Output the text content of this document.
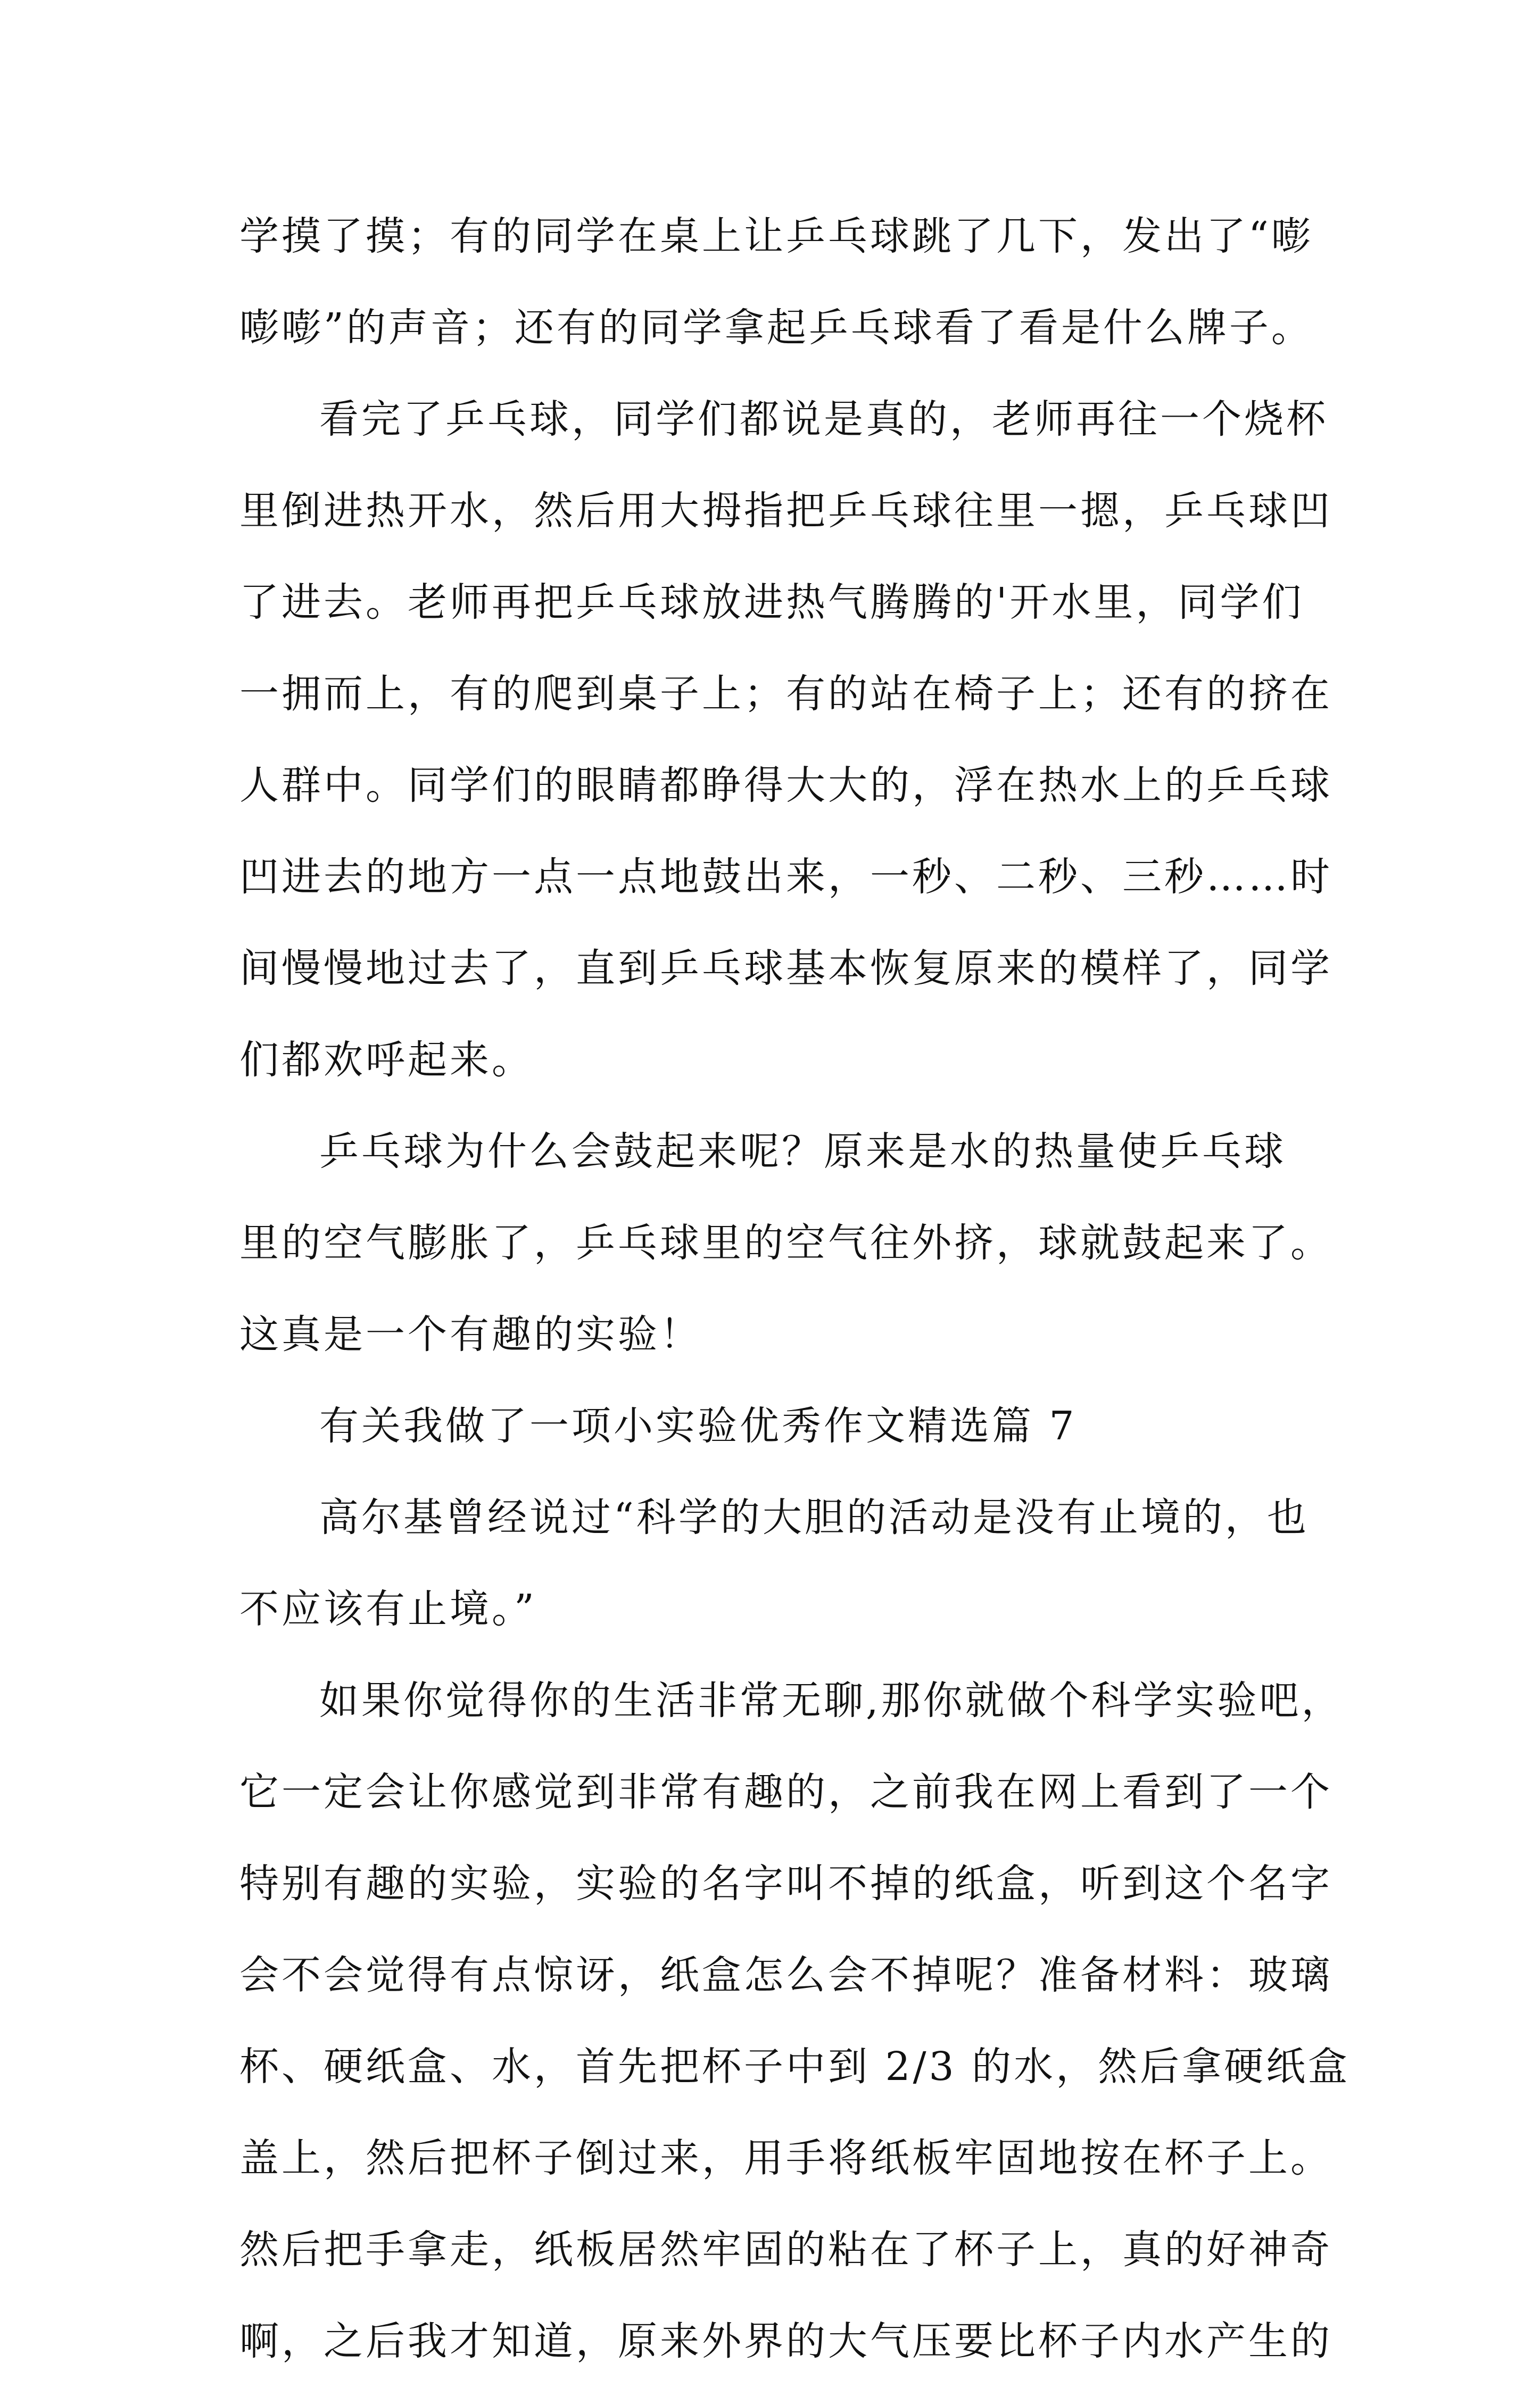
学摸了摸；有的同学在桌上让乒乓球跳了几下，发出了“嘭
嘭嘭”的声音；还有的同学拿起乒乓球看了看是什么牌子。
看完了乒乓球，同学们都说是真的，老师再往一个烧杯
里倒进热开水，然后用大拇指把乒乓球往里一摁，乒乓球凹
了进去。老师再把乒乓球放进热气腾腾的'开水里，同学们
一拥而上，有的爬到桌子上；有的站在椅子上；还有的挤在
人群中。同学们的眼睛都睁得大大的，浮在热水上的乒乓球
凹进去的地方一点一点地鼓出来，一秒、二秒、三秒……时
间慢慢地过去了，直到乒乓球基本恢复原来的模样了，同学
们都欢呼起来。
乒乓球为什么会鼓起来呢？原来是水的热量使乒乓球
里的空气膨胀了，乒乓球里的空气往外挤，球就鼓起来了。
这真是一个有趣的实验！
有关我做了一项小实验优秀作文精选篇 7
高尔基曾经说过“科学的大胆的活动是没有止境的，也
不应该有止境。”
如果你觉得你的生活非常无聊,那你就做个科学实验吧，
它一定会让你感觉到非常有趣的，之前我在网上看到了一个
特别有趣的实验，实验的名字叫不掉的纸盒，听到这个名字
会不会觉得有点惊讶，纸盒怎么会不掉呢？准备材料：玻璃
杯、硬纸盒、水，首先把杯子中到 2/3 的水，然后拿硬纸盒
盖上，然后把杯子倒过来，用手将纸板牢固地按在杯子上。
然后把手拿走，纸板居然牢固的粘在了杯子上，真的好神奇
啊，之后我才知道，原来外界的大气压要比杯子内水产生的
